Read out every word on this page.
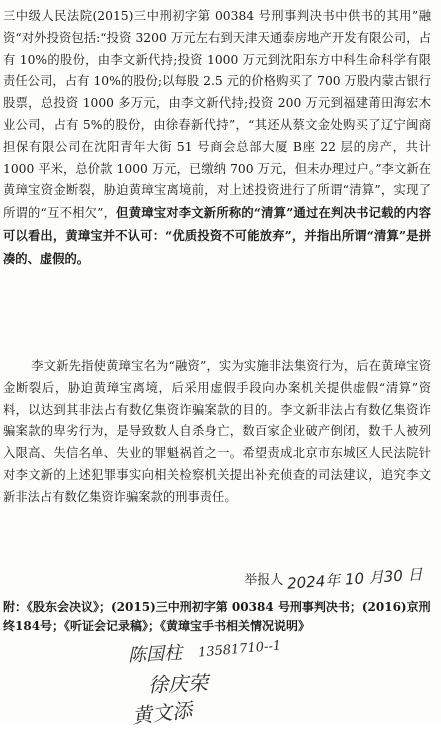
三中级人民法院(2015)三中刑初字第 00384 号刑事判决书中供书的其用”融资“对外投资包括:“投资 3200 万元左右到天津天通泰房地产开发有限公司，占有 10%的股份，由李文新代持;投资 1000 万元到沈阳东方中科生命科学有限责任公司，占有 10%的股份;以每股 2.5 元的价格购买了 700 万股内蒙古银行股票，总投资 1000 多万元，由李文新代持;投资 200 万元到福建莆田海宏木业公司，占有 5%的股份，由徐春新代持”，“其还从蔡文金处购买了辽宁闽商担保有限公司在沈阳青年大街 51 号商会总部大厦 B座 22 层的房产，共计 1000 平米，总价款 1000 万元，已缴纳 700 万元，但未办理过户。”李文新在黄璋宝资金断裂，胁迫黄璋宝离境前，对上述投资进行了所谓“清算”，实现了所谓的“互不相欠”，但黄璋宝对李文新所称的“清算”通过在判决书记载的内容可以看出，黄璋宝并不认可：“优质投资不可能放弃”，并指出所谓“清算”是拼凑的、虚假的。

李文新先指使黄璋宝名为“融资”，实为实施非法集资行为，后在黄璋宝资金断裂后，胁迫黄璋宝离境，后采用虚假手段向办案机关提供虚假“清算”资料，以达到其非法占有数亿集资诈骗案款的目的。李文新非法占有数亿集资诈骗案款的卑劣行为，是导致数人自杀身亡，数百家企业破产倒闭，数千人被列入限高、失信名单、失业的罪魁祸首之一。希望责成北京市东城区人民法院针对李文新的上述犯罪事实向相关检察机关提出补充侦查的司法建议，追究李文新非法占有数亿集资诈骗案款的刑事责任。

举报人 2024年 10 月30 日

附：《股东会决议》；(2015)三中刑初字第 00384 号刑事判决书；(2016)京刑终184号；《听证会记录稿》；《黄璋宝手书相关情况说明》

陈国柱 13581710--1
徐庆荣
黄文添
